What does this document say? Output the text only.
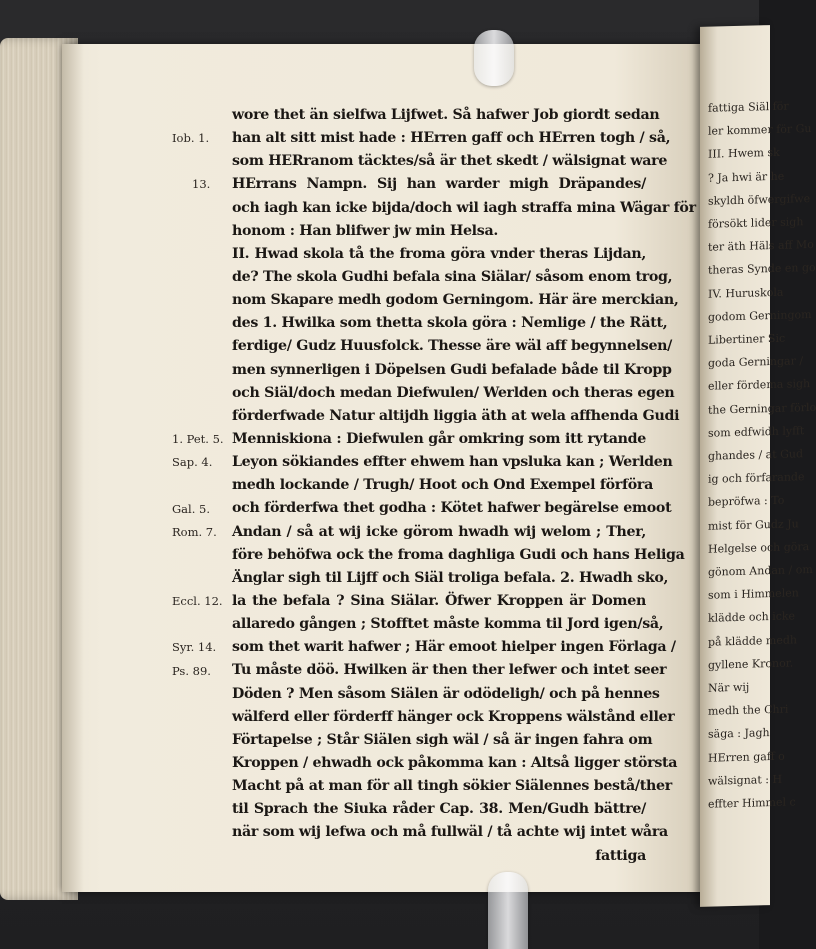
fattiga Siäl för
ler kommer för Gu
III. Hwem sk
? Ja hwi är he
skyldh öfwergifwe
försökt lider sigh
ter äth Häls aff Mo
theras Synde en go
IV. Huruskola
godom Gerningom
Libertiner Sic
goda Gerningar /
eller fördema sigh
the Gerningar förlo
som edfwidh lyfft
ghandes / at Gud
ig och förfarande
bepröfwa : To
mist för Gudz Ju
Helgelse och göra
gönom Andan / om
som i Himmelen
klädde och icke
på klädde medh
gyllene Kronor.
När wij
medh the Chri
säga : Jagh
HErren gaff o
wälsignat : H
effter Himmel c
wore thet än sielfwa Lijfwet. Så hafwer Job giordt sedan
han alt sitt mist hade : HErren gaff och HErren togh / så,
som HERranom täcktes/så är thet skedt / wälsignat ware
HErrans Nampn. Sij han warder migh Dräpandes/
och iagh kan icke bijda/doch wil iagh straffa mina Wägar för
honom : Han blifwer jw min Helsa.
II. Hwad skola tå the froma göra vnder theras Lijdan,
de? The skola Gudhi befala sina Siälar/ såsom enom trog,
nom Skapare medh godom Gerningom. Här äre merckian,
des 1. Hwilka som thetta skola göra : Nemlige / the Rätt,
ferdige/ Gudz Huusfolck. Thesse äre wäl aff begynnelsen/
men synnerligen i Döpelsen Gudi befalade både til Kropp
och Siäl/doch medan Diefwulen/ Werlden och theras egen
förderfwade Natur altijdh liggia äth at wela affhenda Gudi
Menniskiona : Diefwulen går omkring som itt rytande
Leyon sökiandes effter ehwem han vpsluka kan ; Werlden
medh lockande / Trugh/ Hoot och Ond Exempel förföra
och förderfwa thet godha : Kötet hafwer begärelse emoot
Andan / så at wij icke görom hwadh wij welom ; Ther,
före behöfwa ock the froma daghliga Gudi och hans Heliga
Änglar sigh til Lijff och Siäl troliga befala. 2. Hwadh sko,
la the befala ? Sina Siälar. Öfwer Kroppen är Domen
allaredo gången ; Stofftet måste komma til Jord igen/så,
som thet warit hafwer ; Här emoot hielper ingen Förlaga /
Tu måste döö. Hwilken är then ther lefwer och intet seer
Döden ? Men såsom Siälen är odödeligh/ och på hennes
wälferd eller förderff hänger ock Kroppens wälstånd eller
Förtapelse ; Står Siälen sigh wäl / så är ingen fahra om
Kroppen / ehwadh ock påkomma kan : Altså ligger största
Macht på at man för all tingh sökier Siälennes bestå/ther
til Sprach the Siuka råder Cap. 38. Men/Gudh bättre/
när som wij lefwa och må fullwäl / tå achte wij intet wåra
fattiga
Iob. 1.
13.
1. Pet. 5.
Sap. 4.
Gal. 5.
Rom. 7.
Eccl. 12.
Syr. 14.
Ps. 89.
